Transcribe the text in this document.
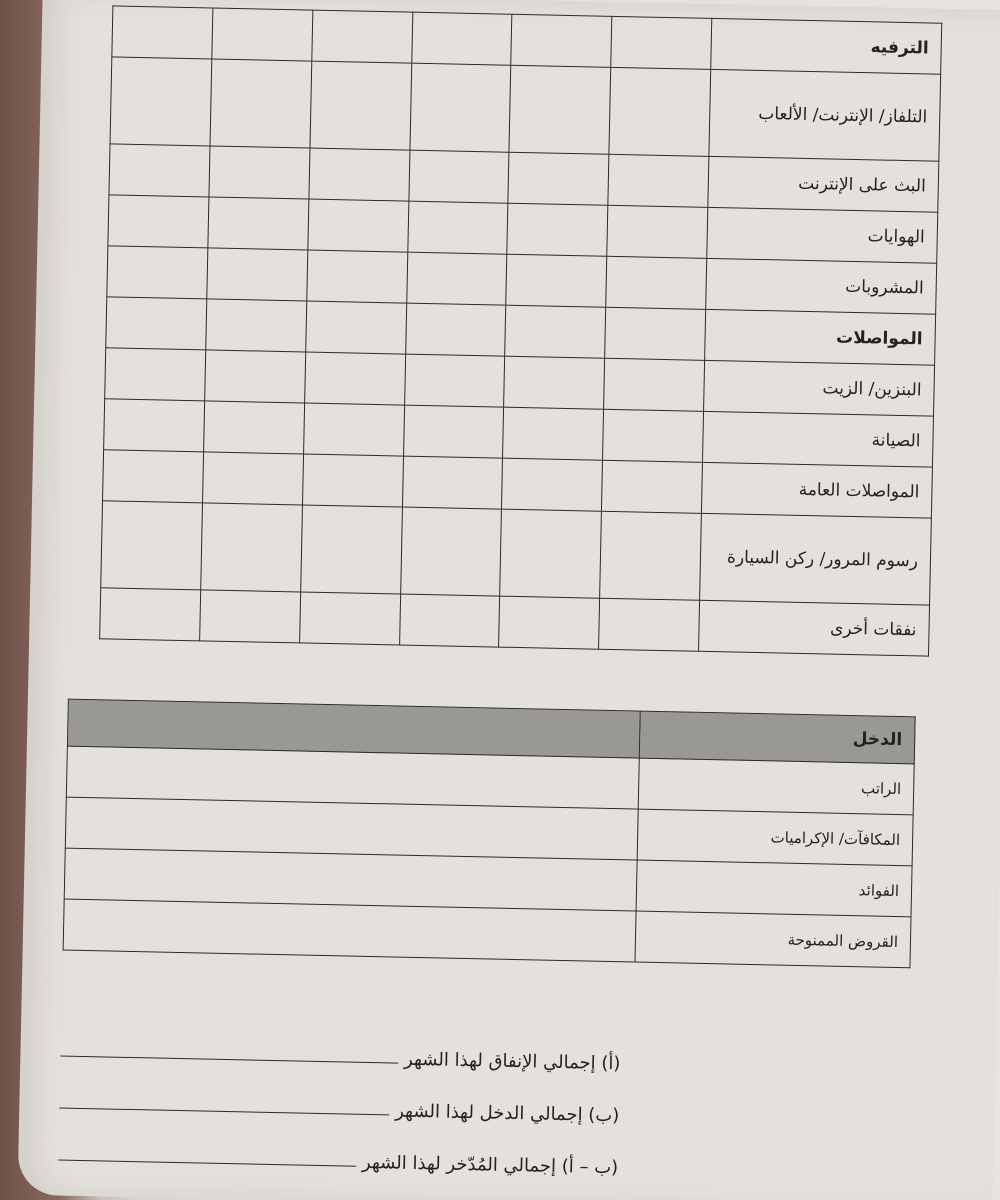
الترفيه						
التلفاز/ الإنترنت/ الألعاب						
البث على الإنترنت						
الهوايات						
المشروبات						
المواصلات						
البنزين/ الزيت						
الصيانة						
المواصلات العامة						
رسوم المرور/ ركن السيارة						
نفقات أخرى						
الدخل	
الراتب	
المكافآت/ الإكراميات	
الفوائد	
القروض الممنوحة	
(أ) إجمالي الإنفاق لهذا الشهر
(ب) إجمالي الدخل لهذا الشهر
(ب – أ) إجمالي المُدّخر لهذا الشهر
